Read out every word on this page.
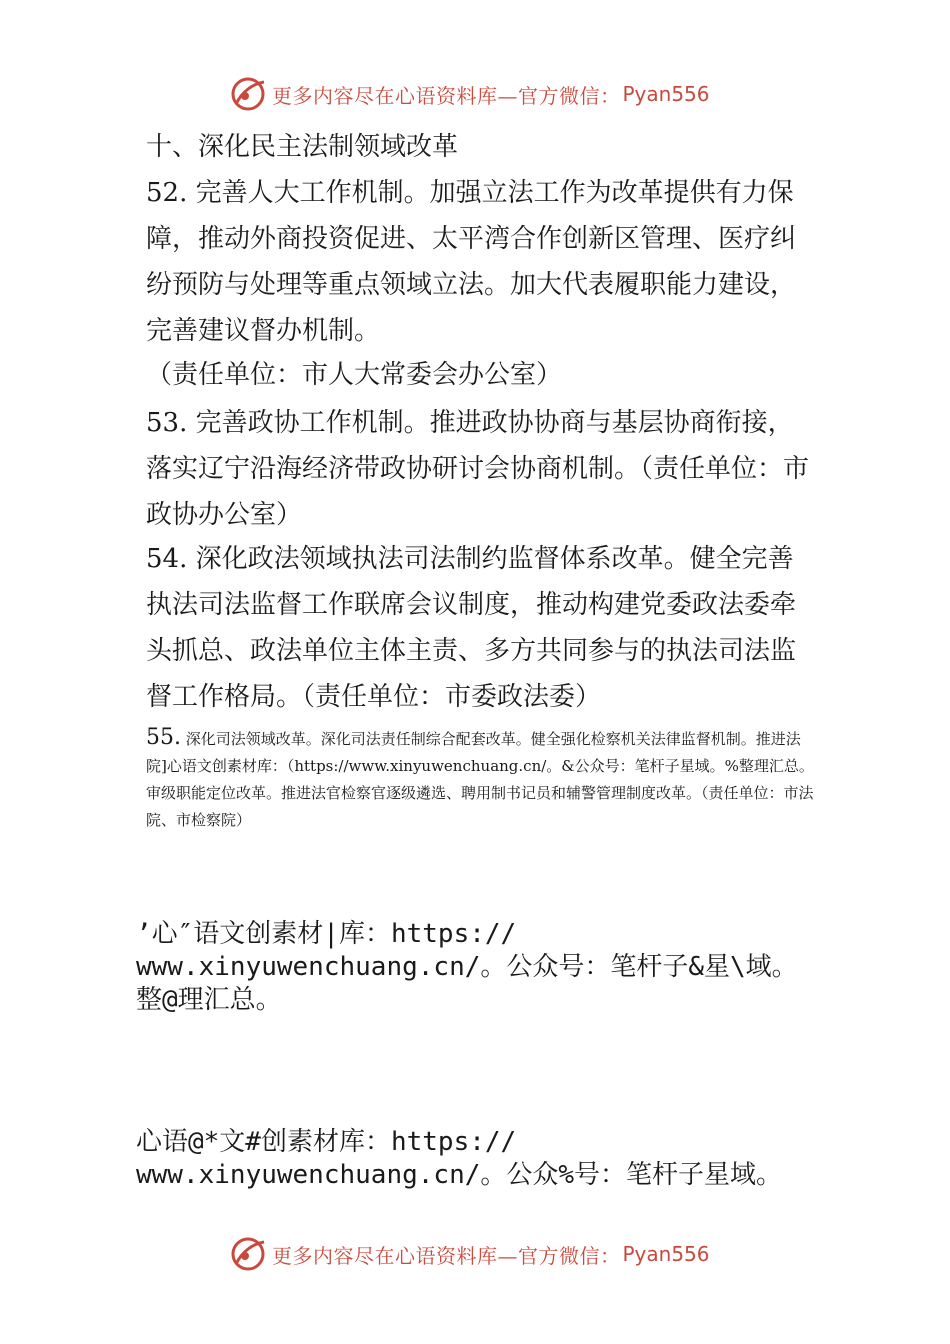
更多内容尽在心语资料库—官方微信： Pyan556
十、深化民主法制领域改革
52. 完善人大工作机制。加强立法工作为改革提供有力保障，推动外商投资促进、太平湾合作创新区管理、医疗纠纷预防与处理等重点领域立法。加大代表履职能力建设，完善建议督办机制。
（责任单位：市人大常委会办公室）
53. 完善政协工作机制。推进政协协商与基层协商衔接，落实辽宁沿海经济带政协研讨会协商机制。（责任单位：市政协办公室）
54. 深化政法领域执法司法制约监督体系改革。健全完善执法司法监督工作联席会议制度，推动构建党委政法委牵头抓总、政法单位主体主责、多方共同参与的执法司法监督工作格局。（责任单位：市委政法委）
55. 深化司法领域改革。深化司法责任制综合配套改革。健全强化检察机关法律监督机制。推进法院]心语文创素材库：（https://www.xinyuwenchuang.cn/。&公众号：笔杆子星域。%整理汇总。审级职能定位改革。推进法官检察官逐级遴选、聘用制书记员和辅警管理制度改革。（责任单位：市法院、市检察院）
’心″语文创素材|库：https://
www.xinyuwenchuang.cn/。公众号：笔杆子&星\域。
整@理汇总。
心语@*文#创素材库：https://
www.xinyuwenchuang.cn/。公众%号：笔杆子星域。
更多内容尽在心语资料库—官方微信： Pyan556
